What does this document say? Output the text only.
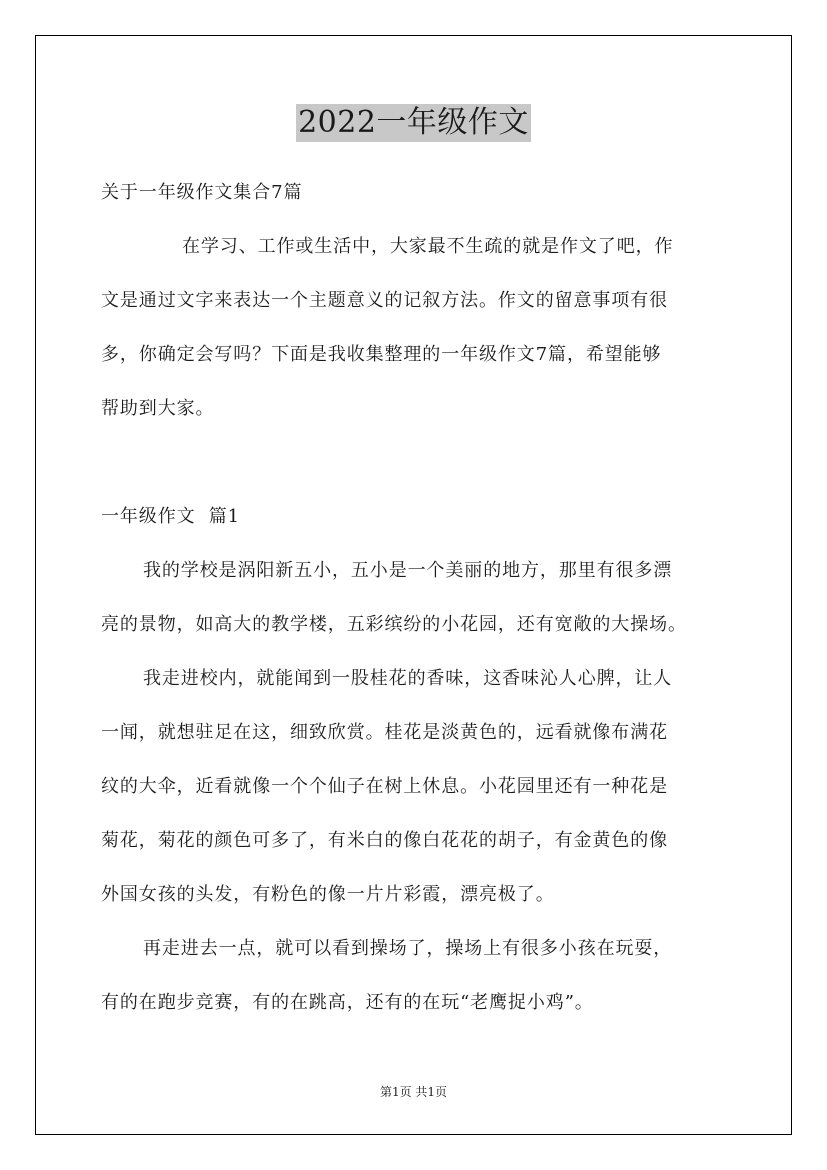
2022一年级作文
关于一年级作文集合7篇
在学习、工作或生活中，大家最不生疏的就是作文了吧，作
文是通过文字来表达一个主题意义的记叙方法。作文的留意事项有很
多，你确定会写吗？下面是我收集整理的一年级作文7篇，希望能够
帮助到大家。
一年级作文  篇1
我的学校是涡阳新五小，五小是一个美丽的地方，那里有很多漂
亮的景物，如高大的教学楼，五彩缤纷的小花园，还有宽敞的大操场。
我走进校内，就能闻到一股桂花的香味，这香味沁人心脾，让人
一闻，就想驻足在这，细致欣赏。桂花是淡黄色的，远看就像布满花
纹的大伞，近看就像一个个仙子在树上休息。小花园里还有一种花是
菊花，菊花的颜色可多了，有米白的像白花花的胡子，有金黄色的像
外国女孩的头发，有粉色的像一片片彩霞，漂亮极了。
再走进去一点，就可以看到操场了，操场上有很多小孩在玩耍，
有的在跑步竞赛，有的在跳高，还有的在玩“老鹰捉小鸡”。
第1页 共1页
